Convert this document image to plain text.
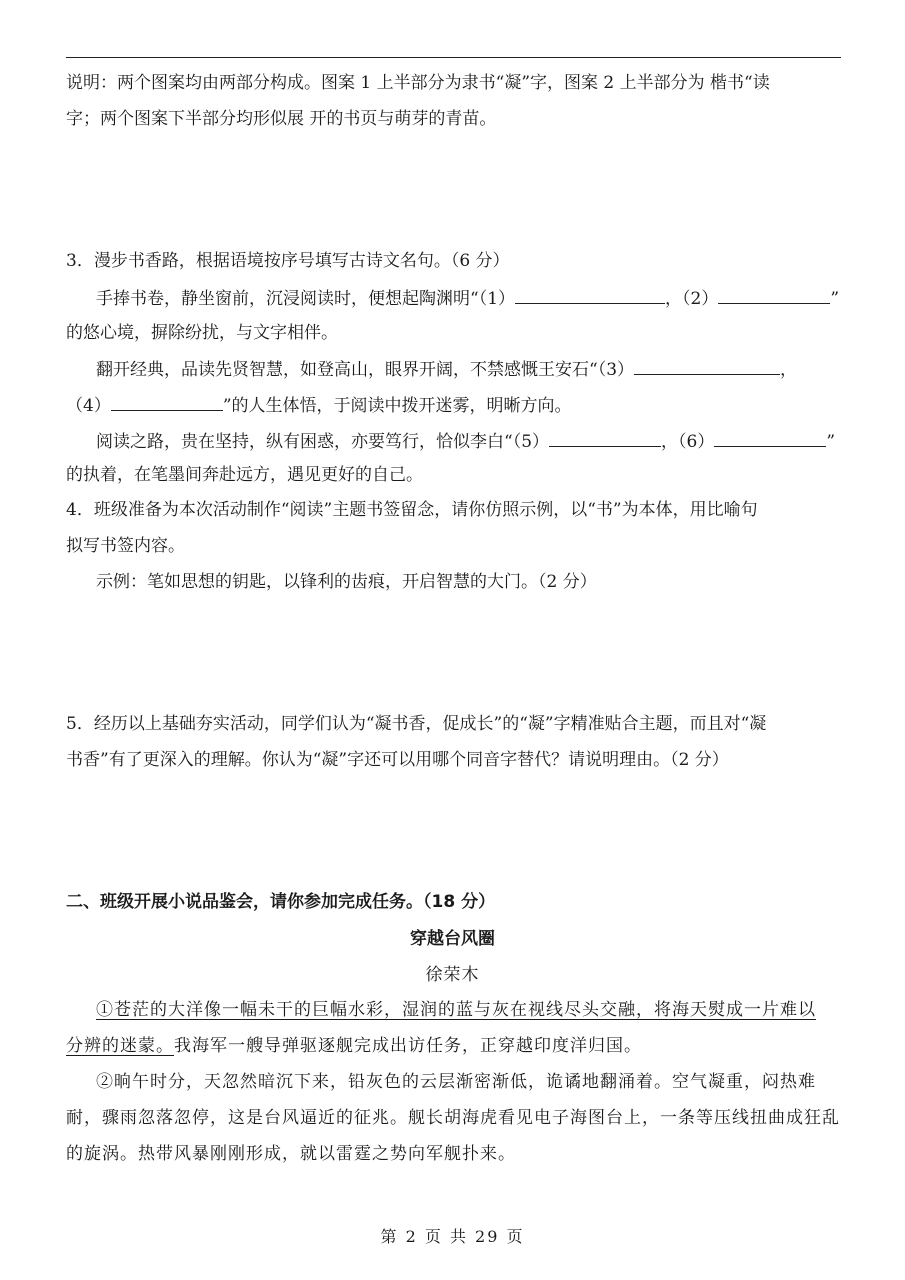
说明：两个图案均由两部分构成。图案 1 上半部分为隶书“凝”字，图案 2 上半部分为 楷书“读
字；两个图案下半部分均形似展 开的书页与萌芽的青苗。
3．漫步书香路，根据语境按序号填写古诗文名句。（6 分）
手捧书卷，静坐窗前，沉浸阅读时，便想起陶渊明“（1）	，（2）	”
的悠心境，摒除纷扰，与文字相伴。
翻开经典，品读先贤智慧，如登高山，眼界开阔，不禁感慨王安石“（3）	，
（4）	”的人生体悟，于阅读中拨开迷雾，明晰方向。
阅读之路，贵在坚持，纵有困惑，亦要笃行，恰似李白“（5）	，（6）	”
的执着，在笔墨间奔赴远方，遇见更好的自己。
4．班级准备为本次活动制作“阅读”主题书签留念，请你仿照示例，以“书”为本体，用比喻句
拟写书签内容。
示例：笔如思想的钥匙，以锋利的齿痕，开启智慧的大门。（2 分）
5．经历以上基础夯实活动，同学们认为“凝书香，促成长”的“凝”字精准贴合主题，而且对“凝
书香”有了更深入的理解。你认为“凝”字还可以用哪个同音字替代？请说明理由。（2 分）
二、班级开展小说品鉴会，请你参加完成任务。（18 分）
穿越台风圈
徐荣木
①苍茫的大洋像一幅未干的巨幅水彩，湿润的蓝与灰在视线尽头交融，将海天熨成一片难以
分辨的迷蒙。我海军一艘导弹驱逐舰完成出访任务，正穿越印度洋归国。
②晌午时分，天忽然暗沉下来，铅灰色的云层渐密渐低，诡谲地翻涌着。空气凝重，闷热难
耐，骤雨忽落忽停，这是台风逼近的征兆。舰长胡海虎看见电子海图台上，一条等压线扭曲成狂乱
的旋涡。热带风暴刚刚形成，就以雷霆之势向军舰扑来。
第 2 页 共 29 页
